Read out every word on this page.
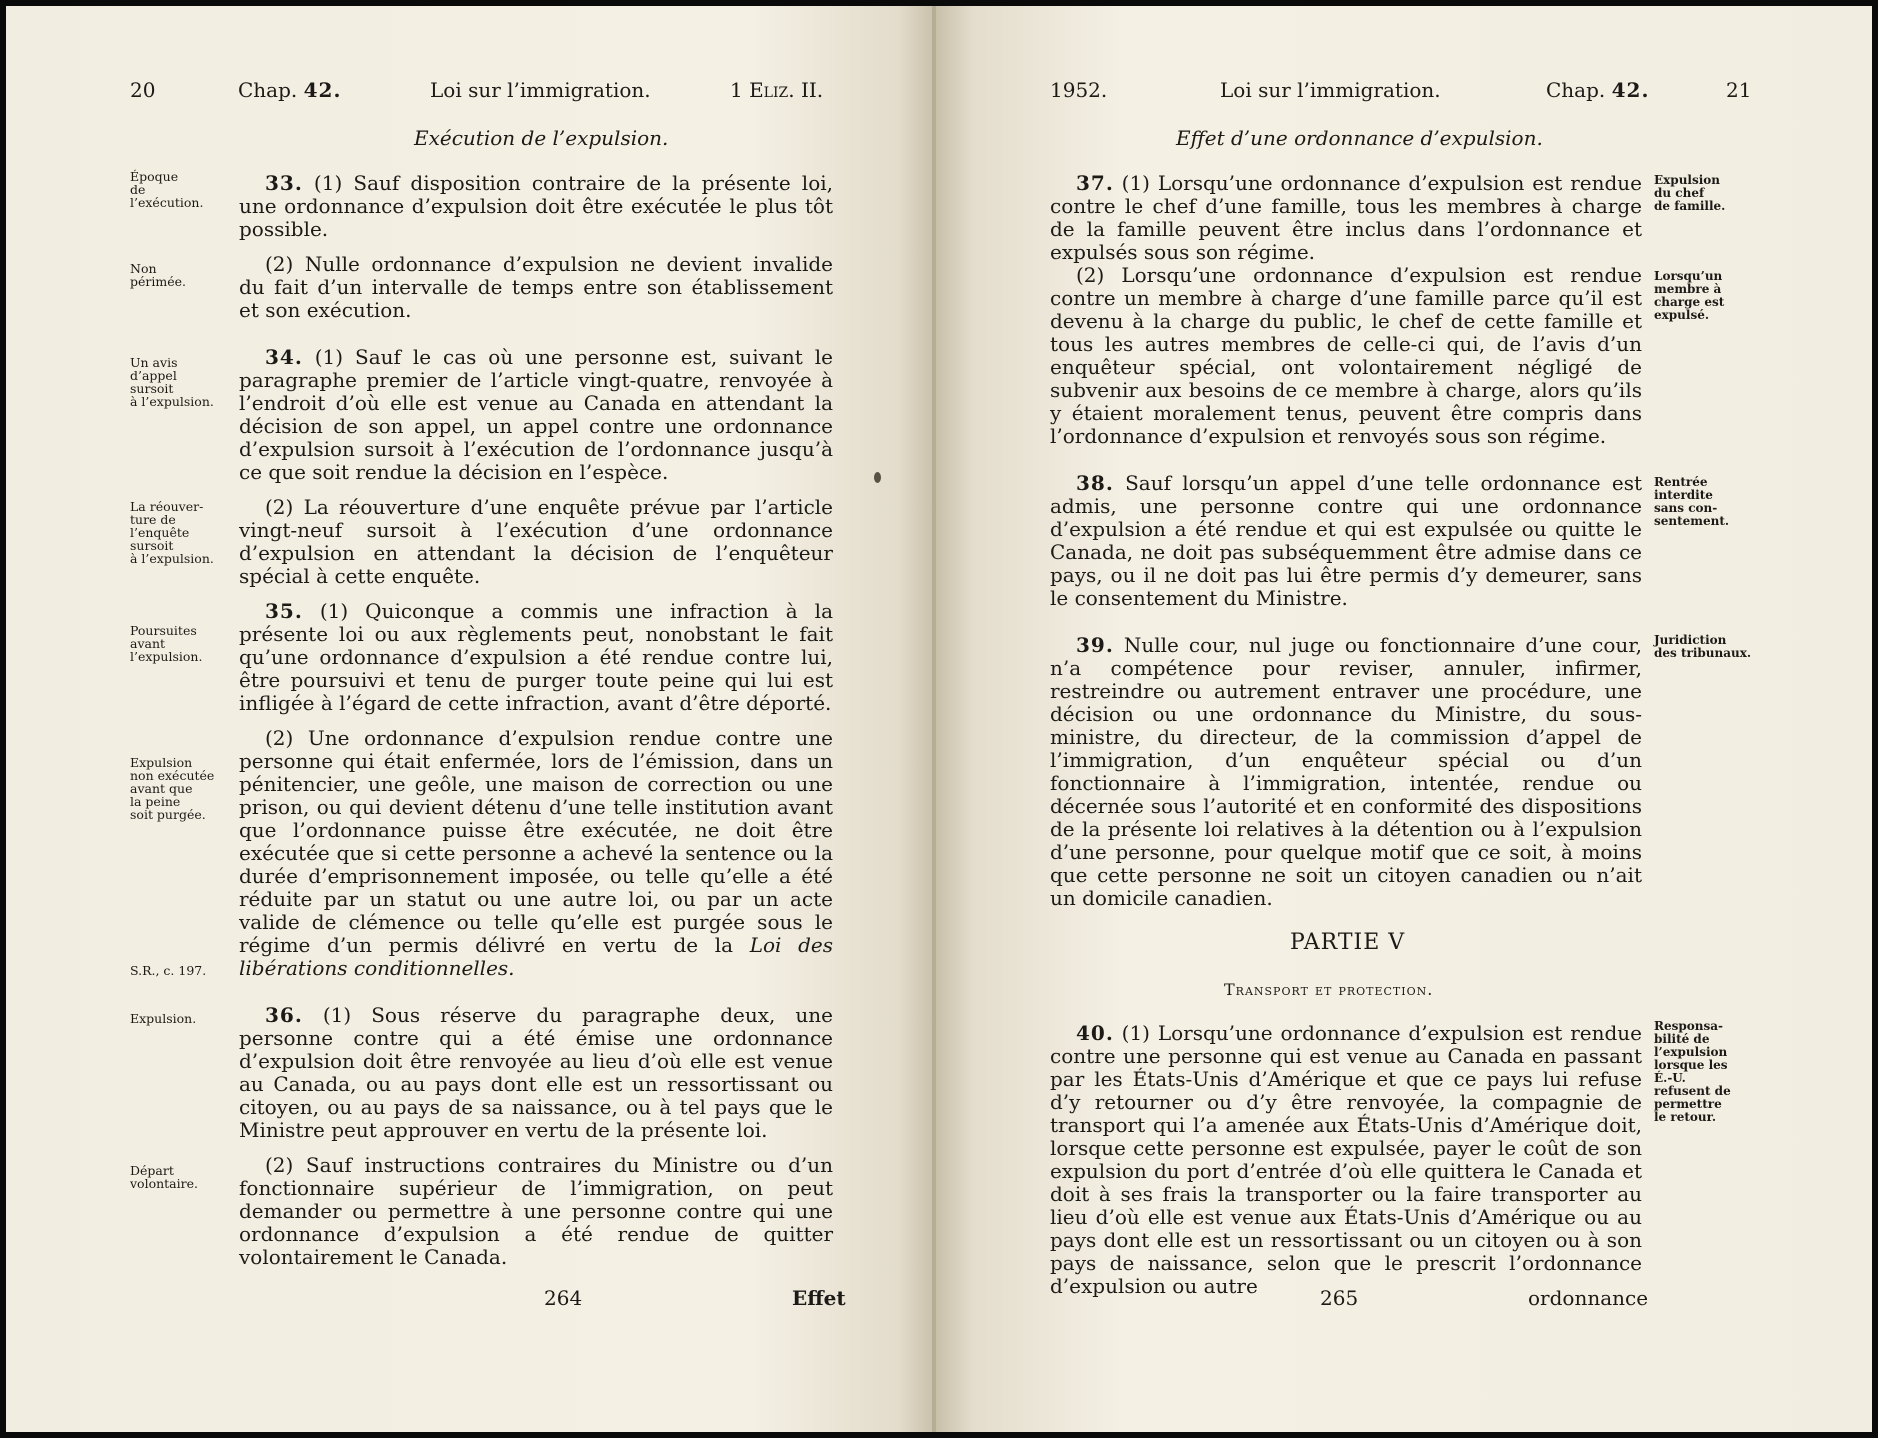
20	Chap. 42.	Loi sur l’immigration.	1 Eliz. II.
Exécution de l’expulsion.

33. (1) Sauf disposition contraire de la présente loi, une ordonnance d’expulsion doit être exécutée le plus tôt possible.

(2) Nulle ordonnance d’expulsion ne devient invalide du fait d’un intervalle de temps entre son établissement et son exécution.

34. (1) Sauf le cas où une personne est, suivant le paragraphe premier de l’article vingt-quatre, renvoyée à l’endroit d’où elle est venue au Canada en attendant la décision de son appel, un appel contre une ordonnance d’expulsion sursoit à l’exécution de l’ordonnance jusqu’à ce que soit rendue la décision en l’espèce.

(2) La réouverture d’une enquête prévue par l’article vingt-neuf sursoit à l’exécution d’une ordonnance d’expulsion en attendant la décision de l’enquêteur spécial à cette enquête.

35. (1) Quiconque a commis une infraction à la présente loi ou aux règlements peut, nonobstant le fait qu’une ordonnance d’expulsion a été rendue contre lui, être poursuivi et tenu de purger toute peine qui lui est infligée à l’égard de cette infraction, avant d’être déporté.

(2) Une ordonnance d’expulsion rendue contre une personne qui était enfermée, lors de l’émission, dans un pénitencier, une geôle, une maison de correction ou une prison, ou qui devient détenu d’une telle institution avant que l’ordonnance puisse être exécutée, ne doit être exécutée que si cette personne a achevé la sentence ou la durée d’emprisonnement imposée, ou telle qu’elle a été réduite par un statut ou une autre loi, ou par un acte valide de clémence ou telle qu’elle est purgée sous le régime d’un permis délivré en vertu de la Loi des libérations conditionnelles.

36. (1) Sous réserve du paragraphe deux, une personne contre qui a été émise une ordonnance d’expulsion doit être renvoyée au lieu d’où elle est venue au Canada, ou au pays dont elle est un ressortissant ou citoyen, ou au pays de sa naissance, ou à tel pays que le Ministre peut approuver en vertu de la présente loi.

(2) Sauf instructions contraires du Ministre ou d’un fonctionnaire supérieur de l’immigration, on peut demander ou permettre à une personne contre qui une ordonnance d’expulsion a été rendue de quitter volontairement le Canada.

Époque
de
l’exécution.
Non
périmée.
Un avis
d’appel
sursoit
à l’expulsion.
La réouver-
ture de
l’enquête
sursoit
à l’expulsion.
Poursuites
avant
l’expulsion.
Expulsion
non exécutée
avant que
la peine
soit purgée.
S.R., c. 197.
Expulsion.
Départ
volontaire.
264	Effet
1952.	Loi sur l’immigration.	Chap. 42.	21
Effet d’une ordonnance d’expulsion.

37. (1) Lorsqu’une ordonnance d’expulsion est rendue contre le chef d’une famille, tous les membres à charge de la famille peuvent être inclus dans l’ordonnance et expulsés sous son régime.

(2) Lorsqu’une ordonnance d’expulsion est rendue contre un membre à charge d’une famille parce qu’il est devenu à la charge du public, le chef de cette famille et tous les autres membres de celle-ci qui, de l’avis d’un enquêteur spécial, ont volontairement négligé de subvenir aux besoins de ce membre à charge, alors qu’ils y étaient moralement tenus, peuvent être compris dans l’ordonnance d’expulsion et renvoyés sous son régime.

38. Sauf lorsqu’un appel d’une telle ordonnance est admis, une personne contre qui une ordonnance d’expulsion a été rendue et qui est expulsée ou quitte le Canada, ne doit pas subséquemment être admise dans ce pays, ou il ne doit pas lui être permis d’y demeurer, sans le consentement du Ministre.

39. Nulle cour, nul juge ou fonctionnaire d’une cour, n’a compétence pour reviser, annuler, infirmer, restreindre ou autrement entraver une procédure, une décision ou une ordonnance du Ministre, du sous-ministre, du directeur, de la commission d’appel de l’immigration, d’un enquêteur spécial ou d’un fonctionnaire à l’immigration, intentée, rendue ou décernée sous l’autorité et en conformité des dispositions de la présente loi relatives à la détention ou à l’expulsion d’une personne, pour quelque motif que ce soit, à moins que cette personne ne soit un citoyen canadien ou n’ait un domicile canadien.

PARTIE V
Transport et protection.

40. (1) Lorsqu’une ordonnance d’expulsion est rendue contre une personne qui est venue au Canada en passant par les États-Unis d’Amérique et que ce pays lui refuse d’y retourner ou d’y être renvoyée, la compagnie de transport qui l’a amenée aux États-Unis d’Amérique doit, lorsque cette personne est expulsée, payer le coût de son expulsion du port d’entrée d’où elle quittera le Canada et doit à ses frais la transporter ou la faire transporter au lieu d’où elle est venue aux États-Unis d’Amérique ou au pays dont elle est un ressortissant ou un citoyen ou à son pays de naissance, selon que le prescrit l’ordonnance d’expulsion ou autre

Expulsion
du chef
de famille.
Lorsqu’un
membre à
charge est
expulsé.
Rentrée
interdite
sans con-
sentement.
Juridiction
des tribunaux.
Responsa-
bilité de
l’expulsion
lorsque les
É.-U.
refusent de
permettre
le retour.
265	ordonnance
